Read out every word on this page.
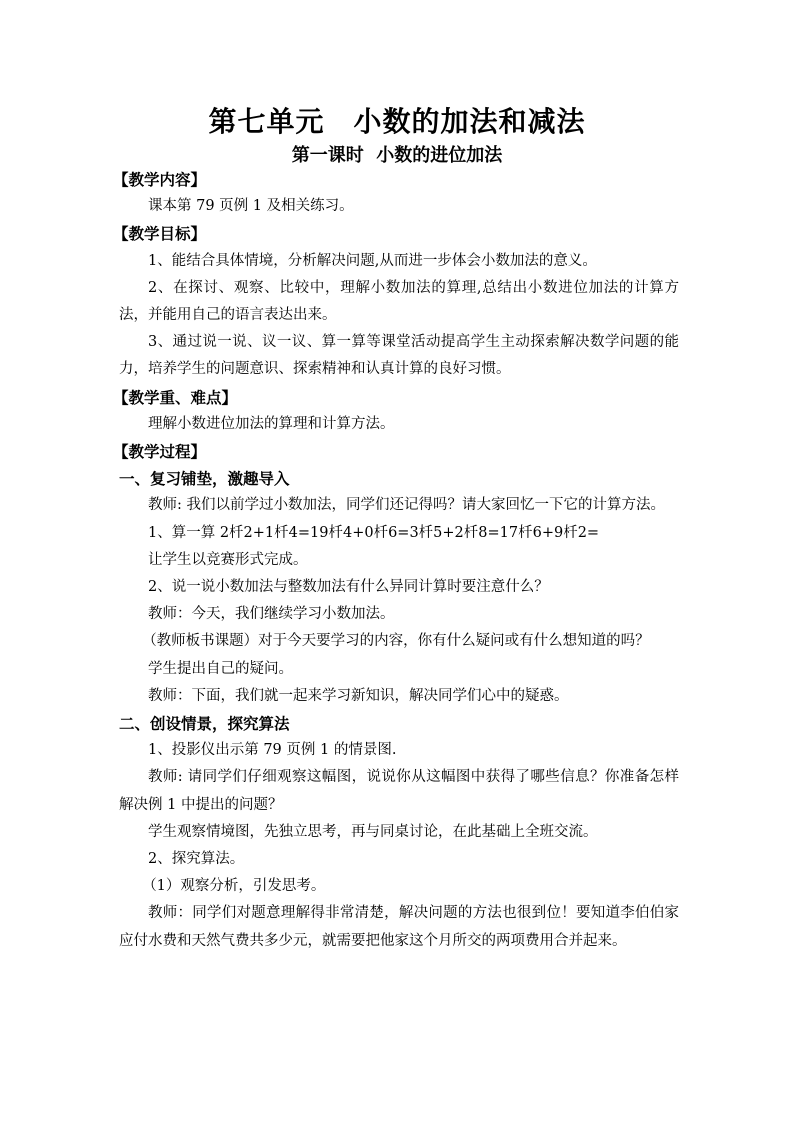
第七单元　小数的加法和减法
第一课时  小数的进位加法

【教学内容】

课本第 79 页例 1 及相关练习。

【教学目标】

1、能结合具体情境，分析解决问题,从而进一步体会小数加法的意义。

2、在探讨、观察、比较中，理解小数加法的算理,总结出小数进位加法的计算方法，并能用自己的语言表达出来。

3、通过说一说、议一议、算一算等课堂活动提高学生主动探索解决数学问题的能力，培养学生的问题意识、探索精神和认真计算的良好习惯。

【教学重、难点】

理解小数进位加法的算理和计算方法。

【教学过程】

一、复习铺垫，激趣导入

教师: 我们以前学过小数加法，同学们还记得吗？请大家回忆一下它的计算方法。

1、算一算 2杄2+1杄4=19杄4+0杄6=3杄5+2杄8=17杄6+9杄2=

让学生以竞赛形式完成。

2、说一说小数加法与整数加法有什么异同计算时要注意什么？

教师：今天，我们继续学习小数加法。

（教师板书课题）对于今天要学习的内容，你有什么疑问或有什么想知道的吗？

学生提出自己的疑问。

教师：下面，我们就一起来学习新知识，解决同学们心中的疑惑。

二、创设情景，探究算法

1、投影仪出示第 79 页例 1 的情景图.

教师: 请同学们仔细观察这幅图，说说你从这幅图中获得了哪些信息？你准备怎样解决例 1 中提出的问题？

学生观察情境图，先独立思考，再与同桌讨论，在此基础上全班交流。

2、探究算法。

（1）观察分析，引发思考。

教师：同学们对题意理解得非常清楚，解决问题的方法也很到位！要知道李伯伯家应付水费和天然气费共多少元，就需要把他家这个月所交的两项费用合并起来。
